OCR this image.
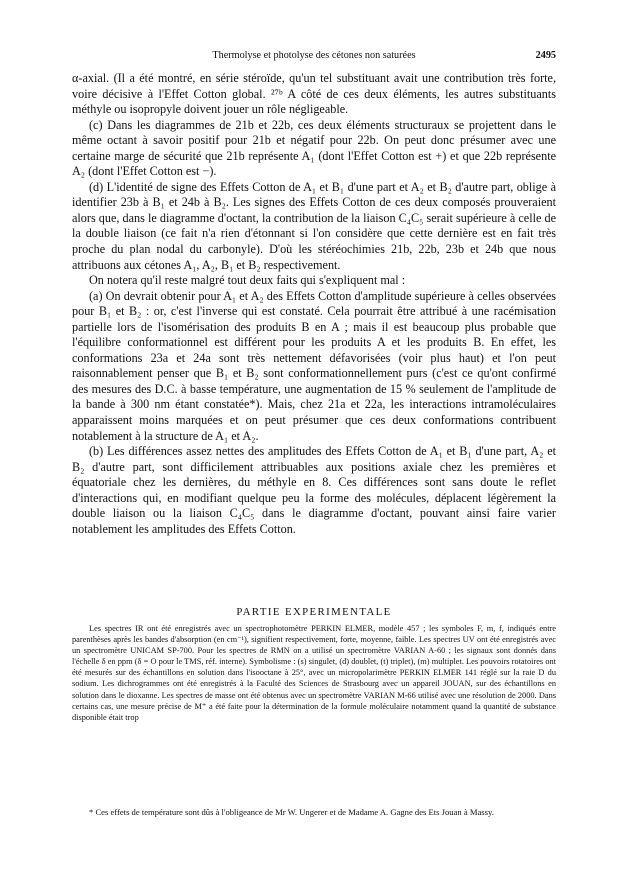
Thermolyse et photolyse des cétones non saturées	2495

α-axial. (Il a été montré, en série stéroïde, qu'un tel substituant avait une contribution très forte, voire décisive à l'Effet Cotton global. ²⁷ᵇ A côté de ces deux éléments, les autres substituants méthyle ou isopropyle doivent jouer un rôle négligeable.

(c) Dans les diagrammes de 21b et 22b, ces deux éléments structuraux se projettent dans le même octant à savoir positif pour 21b et négatif pour 22b. On peut donc présumer avec une certaine marge de sécurité que 21b représente A₁ (dont l'Effet Cotton est +) et que 22b représente A₂ (dont l'Effet Cotton est −).

(d) L'identité de signe des Effets Cotton de A₁ et B₁ d'une part et A₂ et B₂ d'autre part, oblige à identifier 23b à B₁ et 24b à B₂. Les signes des Effets Cotton de ces deux composés prouveraient alors que, dans le diagramme d'octant, la contribution de la liaison C₄C₅ serait supérieure à celle de la double liaison (ce fait n'a rien d'étonnant si l'on considère que cette dernière est en fait très proche du plan nodal du carbonyle). D'où les stéréochimies 21b, 22b, 23b et 24b que nous attribuons aux cétones A₁, A₂, B₁ et B₂ respectivement.

On notera qu'il reste malgré tout deux faits qui s'expliquent mal :

(a) On devrait obtenir pour A₁ et A₂ des Effets Cotton d'amplitude supérieure à celles observées pour B₁ et B₂ : or, c'est l'inverse qui est constaté. Cela pourrait être attribué à une racémisation partielle lors de l'isomérisation des produits B en A ; mais il est beaucoup plus probable que l'équilibre conformationnel est différent pour les produits A et les produits B. En effet, les conformations 23a et 24a sont très nettement défavorisées (voir plus haut) et l'on peut raisonnablement penser que B₁ et B₂ sont conformationnellement purs (c'est ce qu'ont confirmé des mesures des D.C. à basse température, une augmentation de 15 % seulement de l'amplitude de la bande à 300 nm étant constatée*). Mais, chez 21a et 22a, les interactions intramoléculaires apparaissent moins marquées et on peut présumer que ces deux conformations contribuent notablement à la structure de A₁ et A₂.

(b) Les différences assez nettes des amplitudes des Effets Cotton de A₁ et B₁ d'une part, A₂ et B₂ d'autre part, sont difficilement attribuables aux positions axiale chez les premières et équatoriale chez les dernières, du méthyle en 8. Ces différences sont sans doute le reflet d'interactions qui, en modifiant quelque peu la forme des molécules, déplacent légèrement la double liaison ou la liaison C₄C₅ dans le diagramme d'octant, pouvant ainsi faire varier notablement les amplitudes des Effets Cotton.

PARTIE EXPERIMENTALE

Les spectres IR ont été enregistrés avec un spectrophotomètre PERKIN ELMER, modèle 457 ; les symboles F, m, f, indiqués entre parenthèses après les bandes d'absorption (en cm⁻¹), signifient respectivement, forte, moyenne, faible. Les spectres UV ont été enregistrés avec un spectromètre UNICAM SP-700. Pour les spectres de RMN on a utilisé un spectromètre VARIAN A-60 ; les signaux sont donnés dans l'échelle δ en ppm (δ = O pour le TMS, réf. interne). Symbolisme : (s) singulet, (d) doublet, (t) triplet), (m) multiplet. Les pouvoirs rotatoires ont été mesurés sur des échantillons en solution dans l'isooctane à 25°, avec un micropolarimètre PERKIN ELMER 141 réglé sur la raie D du sodium. Les dichrogrammes ont été enregistrés à la Faculté des Sciences de Strasbourg avec un appareil JOUAN, sur des échantillons en solution dans le dioxanne. Les spectres de masse ont été obtenus avec un spectromètre VARIAN M-66 utilisé avec une résolution de 2000. Dans certains cas, une mesure précise de M⁺ a été faite pour la détermination de la formule moléculaire notamment quand la quantité de substance disponible était trop

* Ces effets de température sont dûs à l'obligeance de Mr W. Ungerer et de Madame A. Gagne des Ets Jouan à Massy.
